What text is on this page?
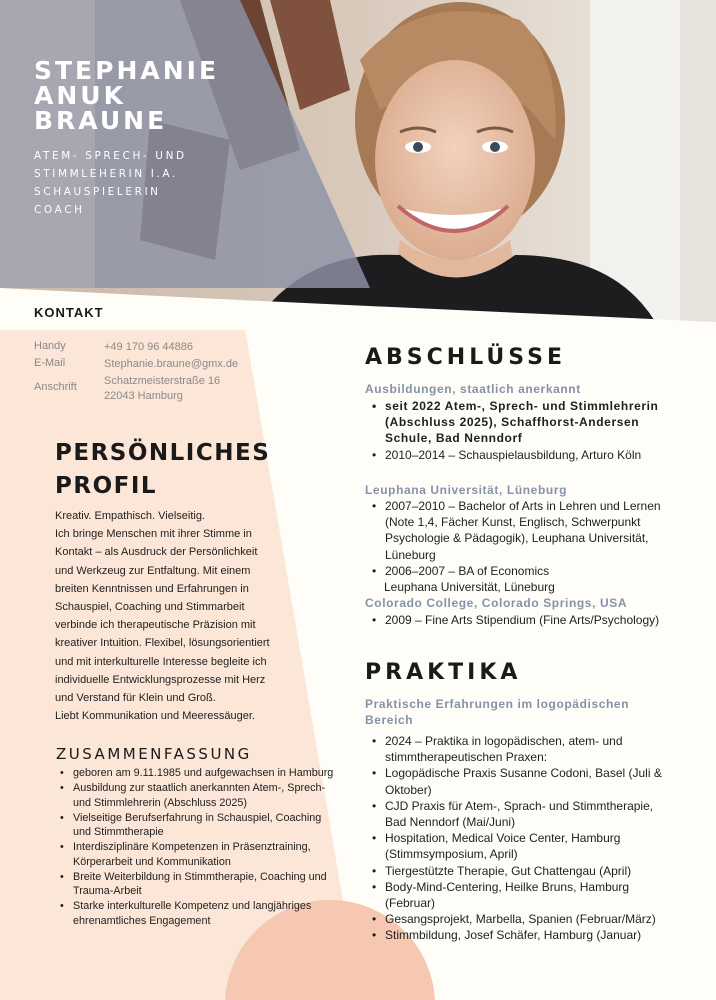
STEPHANIE
ANUK
BRAUNE
ATEM- SPRECH- UND
STIMMLEHERIN I.A.
SCHAUSPIELERIN
COACH
KONTAKT
Handy	+49 170 96 44886
E-Mail	Stephanie.braune@gmx.de
Anschrift Schatzmeisterstraße 16
22043 Hamburg
PERSÖNLICHES
PROFIL
Kreativ. Empathisch. Vielseitig.
Ich bringe Menschen mit ihrer Stimme in
Kontakt – als Ausdruck der Persönlichkeit
und Werkzeug zur Entfaltung. Mit einem
breiten Kenntnissen und Erfahrungen in
Schauspiel, Coaching und Stimmarbeit
verbinde ich therapeutische Präzision mit
kreativer Intuition. Flexibel, lösungsorientiert
und mit interkulturelle Interesse begleite ich
individuelle Entwicklungsprozesse mit Herz
und Verstand für Klein und Groß.
Liebt Kommunikation und Meeressäuger.
ZUSAMMENFASSUNG
• geboren am 9.11.1985 und aufgewachsen in Hamburg
• Ausbildung zur staatlich anerkannten Atem-, Sprech- und Stimmlehrerin (Abschluss 2025)
• Vielseitige Berufserfahrung in Schauspiel, Coaching und Stimmtherapie
• Interdisziplinäre Kompetenzen in Präsenztraining, Körperarbeit und Kommunikation
• Breite Weiterbildung in Stimmtherapie, Coaching und Trauma-Arbeit
• Starke interkulturelle Kompetenz und langjähriges ehrenamtliches Engagement
ABSCHLÜSSE
Ausbildungen, staatlich anerkannt
• seit 2022 Atem-, Sprech- und Stimmlehrerin (Abschluss 2025), Schaffhorst-Andersen Schule, Bad Nenndorf
• 2010–2014 – Schauspielausbildung, Arturo Köln
Leuphana Universität, Lüneburg
• 2007–2010 – Bachelor of Arts in Lehren und Lernen (Note 1,4, Fächer Kunst, Englisch, Schwerpunkt Psychologie & Pädagogik), Leuphana Universität, Lüneburg
• 2006–2007 – BA of Economics
Leuphana Universität, Lüneburg
Colorado College, Colorado Springs, USA
• 2009 – Fine Arts Stipendium (Fine Arts/Psychology)
PRAKTIKA
Praktische Erfahrungen im logopädischen Bereich
• 2024 – Praktika in logopädischen, atem- und stimmtherapeutischen Praxen:
• Logopädische Praxis Susanne Codoni, Basel (Juli & Oktober)
• CJD Praxis für Atem-, Sprach- und Stimmtherapie, Bad Nenndorf (Mai/Juni)
• Hospitation, Medical Voice Center, Hamburg (Stimmsymposium, April)
• Tiergestützte Therapie, Gut Chattengau (April)
• Body-Mind-Centering, Heilke Bruns, Hamburg (Februar)
• Gesangsprojekt, Marbella, Spanien (Februar/März)
• Stimmbildung, Josef Schäfer, Hamburg (Januar)
